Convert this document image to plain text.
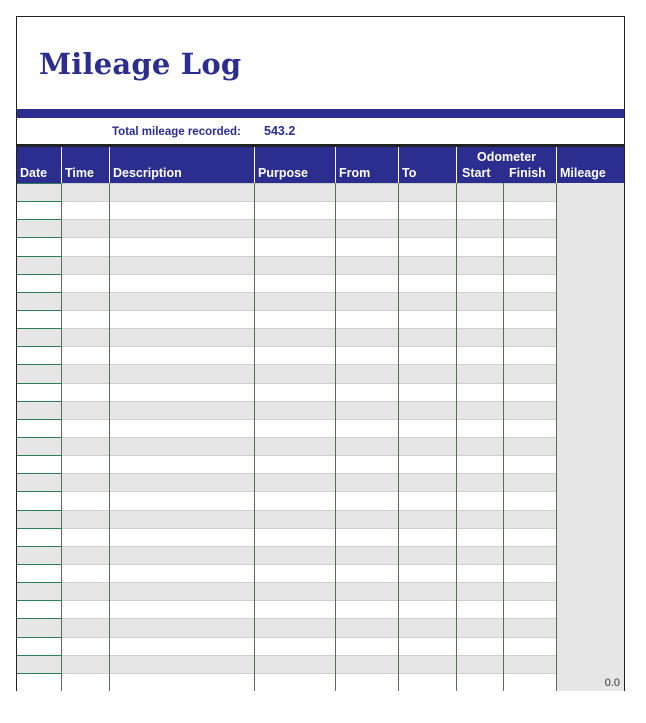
Mileage Log
Total mileage recorded: 543.2
Date Time Description	Purpose From	To
Odometer
Start Finish Mileage
0.0
